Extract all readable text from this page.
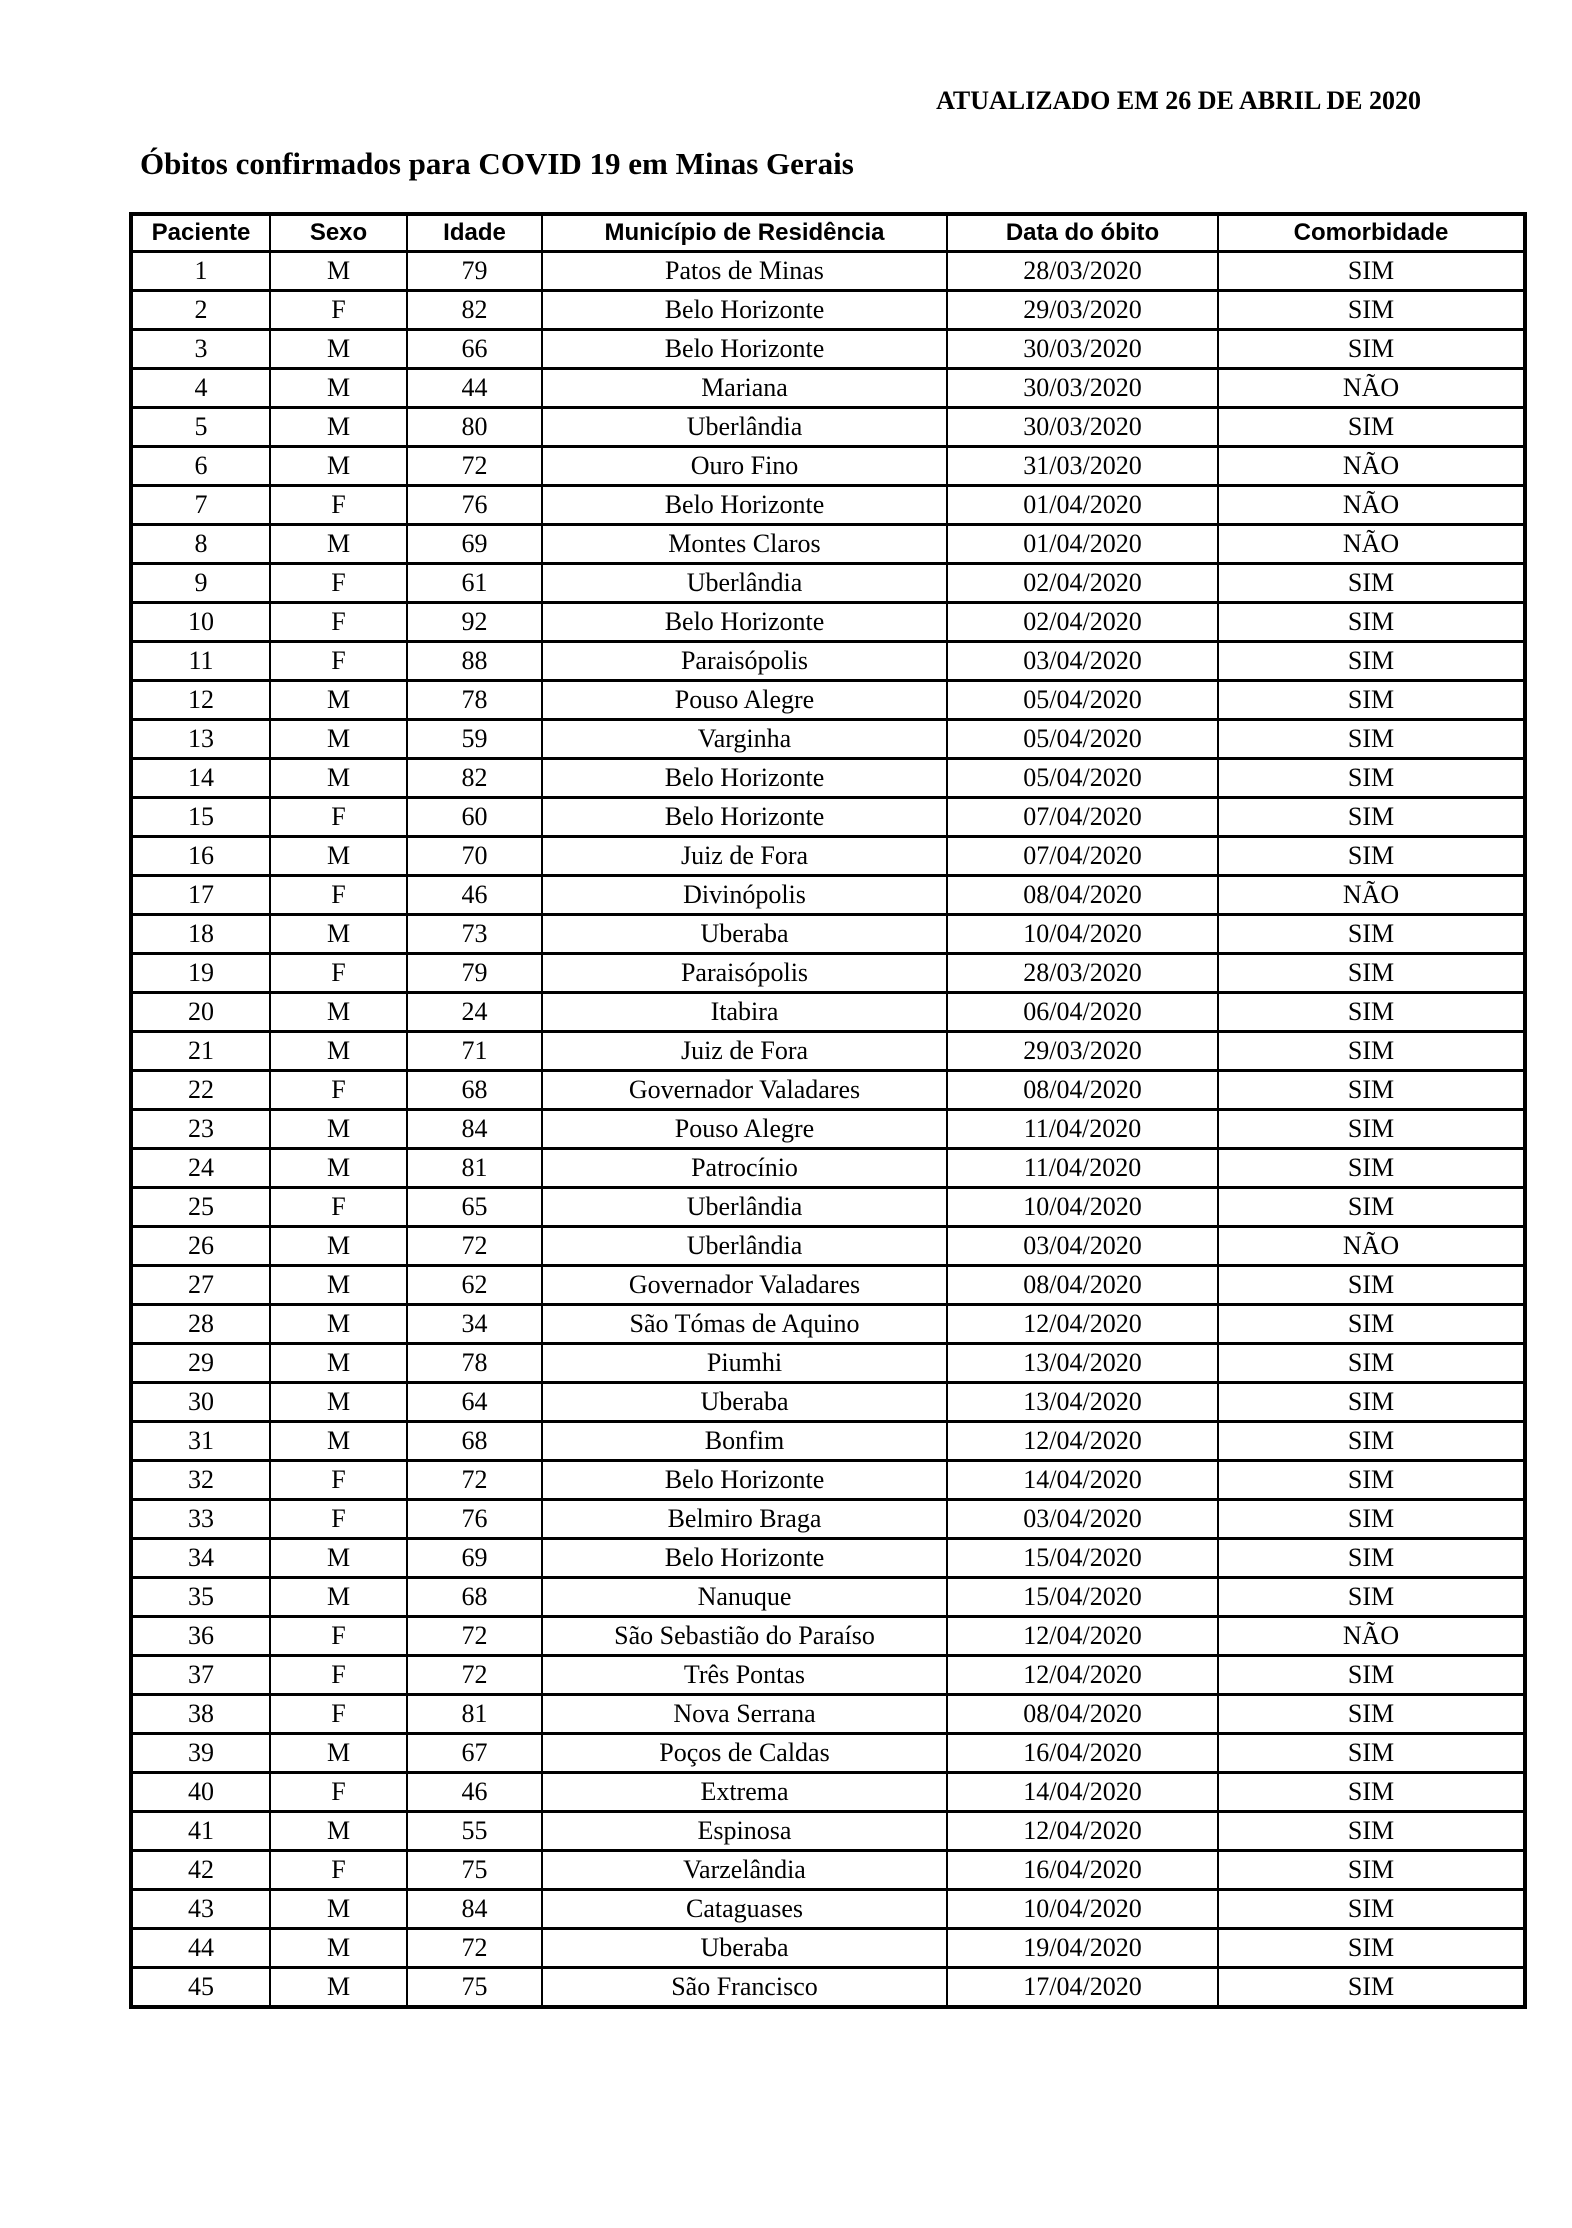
ATUALIZADO EM 26 DE ABRIL DE 2020
Óbitos confirmados para COVID 19 em Minas Gerais
Paciente	Sexo	Idade	Município de Residência	Data do óbito	Comorbidade
1	M	79	Patos de Minas	28/03/2020	SIM
2	F	82	Belo Horizonte	29/03/2020	SIM
3	M	66	Belo Horizonte	30/03/2020	SIM
4	M	44	Mariana	30/03/2020	NÃO
5	M	80	Uberlândia	30/03/2020	SIM
6	M	72	Ouro Fino	31/03/2020	NÃO
7	F	76	Belo Horizonte	01/04/2020	NÃO
8	M	69	Montes Claros	01/04/2020	NÃO
9	F	61	Uberlândia	02/04/2020	SIM
10	F	92	Belo Horizonte	02/04/2020	SIM
11	F	88	Paraisópolis	03/04/2020	SIM
12	M	78	Pouso Alegre	05/04/2020	SIM
13	M	59	Varginha	05/04/2020	SIM
14	M	82	Belo Horizonte	05/04/2020	SIM
15	F	60	Belo Horizonte	07/04/2020	SIM
16	M	70	Juiz de Fora	07/04/2020	SIM
17	F	46	Divinópolis	08/04/2020	NÃO
18	M	73	Uberaba	10/04/2020	SIM
19	F	79	Paraisópolis	28/03/2020	SIM
20	M	24	Itabira	06/04/2020	SIM
21	M	71	Juiz de Fora	29/03/2020	SIM
22	F	68	Governador Valadares	08/04/2020	SIM
23	M	84	Pouso Alegre	11/04/2020	SIM
24	M	81	Patrocínio	11/04/2020	SIM
25	F	65	Uberlândia	10/04/2020	SIM
26	M	72	Uberlândia	03/04/2020	NÃO
27	M	62	Governador Valadares	08/04/2020	SIM
28	M	34	São Tómas de Aquino	12/04/2020	SIM
29	M	78	Piumhi	13/04/2020	SIM
30	M	64	Uberaba	13/04/2020	SIM
31	M	68	Bonfim	12/04/2020	SIM
32	F	72	Belo Horizonte	14/04/2020	SIM
33	F	76	Belmiro Braga	03/04/2020	SIM
34	M	69	Belo Horizonte	15/04/2020	SIM
35	M	68	Nanuque	15/04/2020	SIM
36	F	72	São Sebastião do Paraíso	12/04/2020	NÃO
37	F	72	Três Pontas	12/04/2020	SIM
38	F	81	Nova Serrana	08/04/2020	SIM
39	M	67	Poços de Caldas	16/04/2020	SIM
40	F	46	Extrema	14/04/2020	SIM
41	M	55	Espinosa	12/04/2020	SIM
42	F	75	Varzelândia	16/04/2020	SIM
43	M	84	Cataguases	10/04/2020	SIM
44	M	72	Uberaba	19/04/2020	SIM
45	M	75	São Francisco	17/04/2020	SIM
